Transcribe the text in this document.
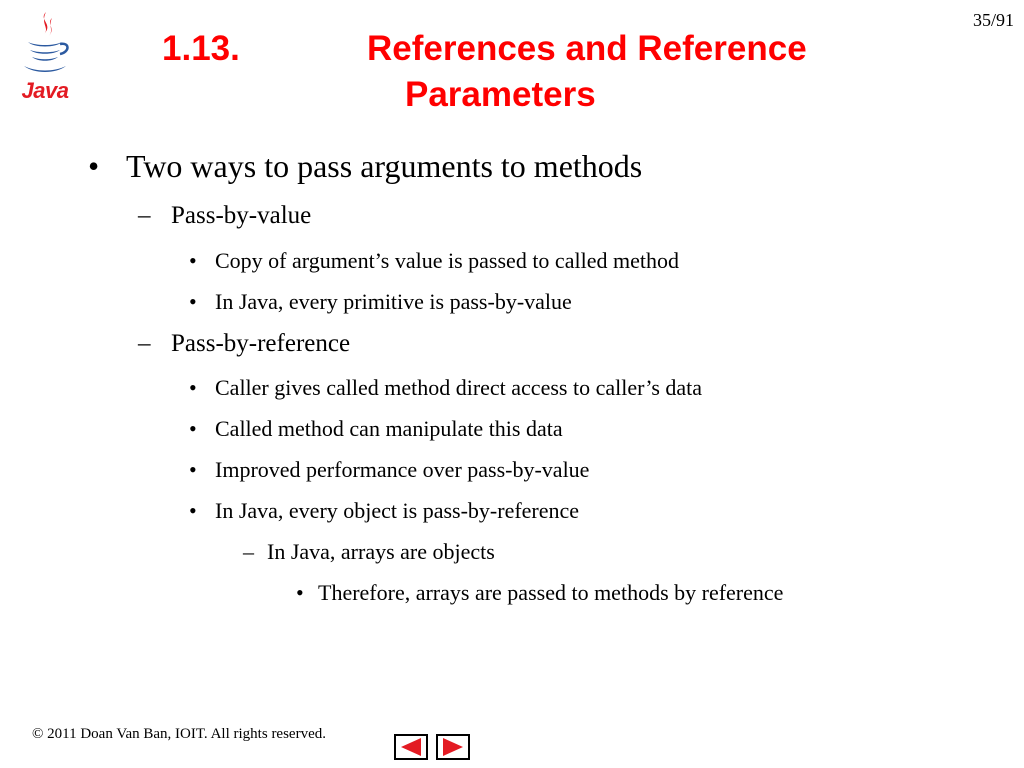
Java
35/91
1.13.	References and Reference
Parameters
• Two ways to pass arguments to methods
– Pass-by-value
• Copy of argument’s value is passed to called method
• In Java, every primitive is pass-by-value
– Pass-by-reference
• Caller gives called method direct access to caller’s data
• Called method can manipulate this data
• Improved performance over pass-by-value
• In Java, every object is pass-by-reference
– In Java, arrays are objects
• Therefore, arrays are passed to methods by reference
© 2011 Doan Van Ban, IOIT. All rights reserved.
